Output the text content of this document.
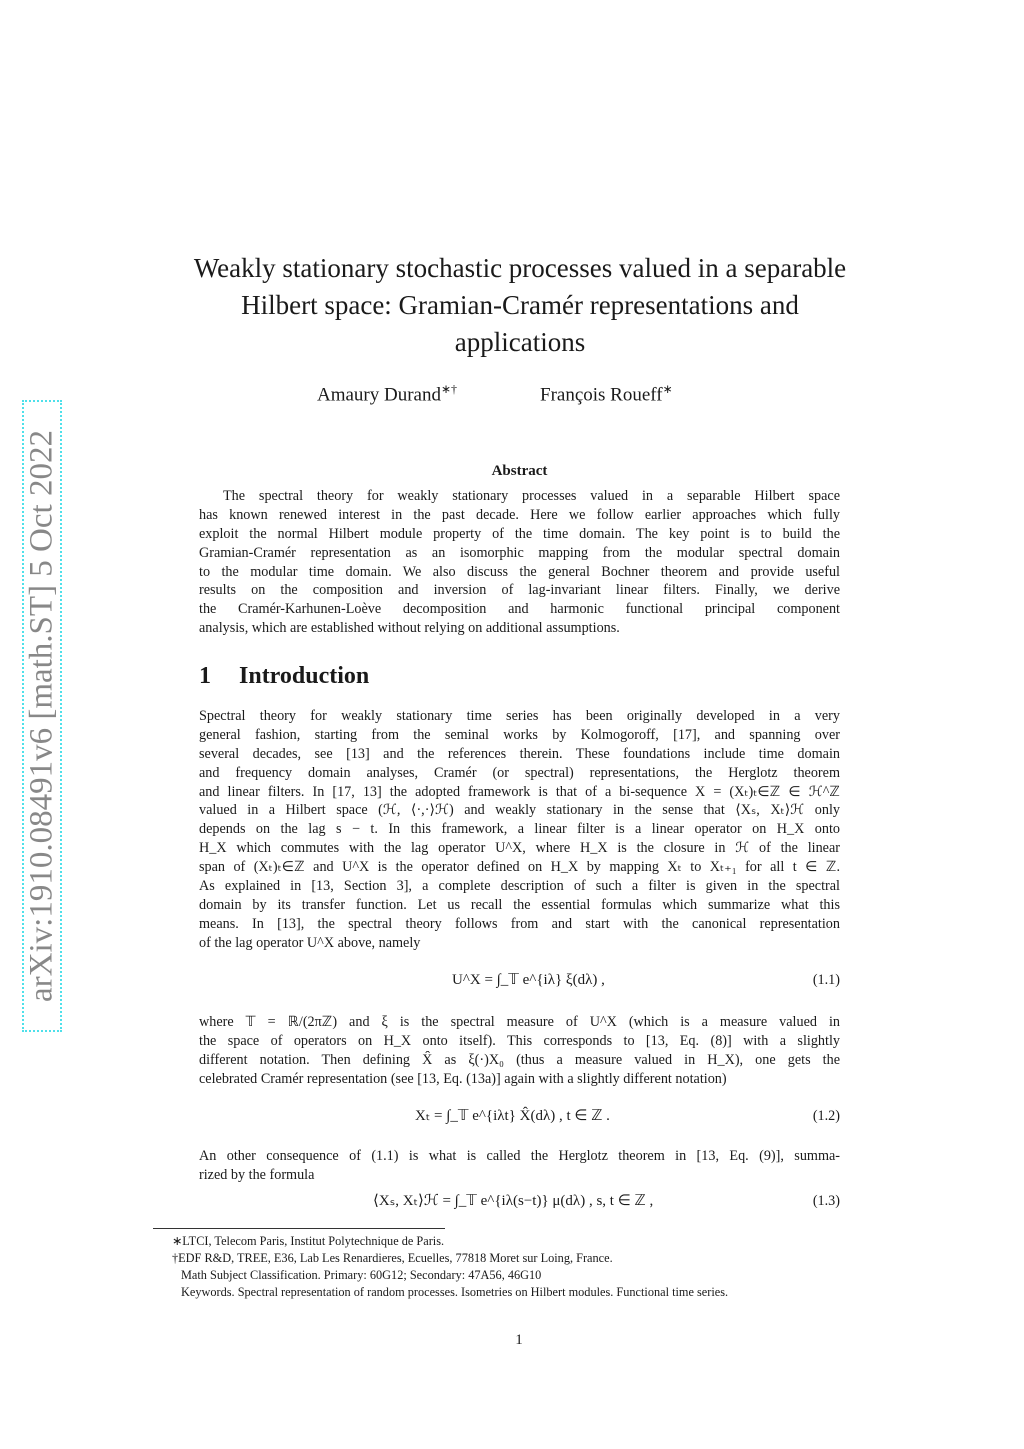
arXiv:1910.08491v6 [math.ST] 5 Oct 2022
Weakly stationary stochastic processes valued in a separable
Hilbert space: Gramian-Cramér representations and
applications
Amaury Durand∗†	François Roueff∗
Abstract
The spectral theory for weakly stationary processes valued in a separable Hilbert space
has known renewed interest in the past decade. Here we follow earlier approaches which fully
exploit the normal Hilbert module property of the time domain. The key point is to build the
Gramian-Cramér representation as an isomorphic mapping from the modular spectral domain
to the modular time domain. We also discuss the general Bochner theorem and provide useful
results on the composition and inversion of lag-invariant linear filters. Finally, we derive
the Cramér-Karhunen-Loève decomposition and harmonic functional principal component
analysis, which are established without relying on additional assumptions.
1 Introduction
Spectral theory for weakly stationary time series has been originally developed in a very
general fashion, starting from the seminal works by Kolmogoroff, [17], and spanning over
several decades, see [13] and the references therein. These foundations include time domain
and frequency domain analyses, Cramér (or spectral) representations, the Herglotz theorem
and linear filters. In [17, 13] the adopted framework is that of a bi-sequence X = (Xₜ)ₜ∈ℤ ∈ ℋ^ℤ
valued in a Hilbert space (ℋ, ⟨·,·⟩ℋ) and weakly stationary in the sense that ⟨Xₛ, Xₜ⟩ℋ only
depends on the lag s − t. In this framework, a linear filter is a linear operator on H_X onto
H_X which commutes with the lag operator U^X, where H_X is the closure in ℋ of the linear
span of (Xₜ)ₜ∈ℤ and U^X is the operator defined on H_X by mapping Xₜ to Xₜ₊₁ for all t ∈ ℤ.
As explained in [13, Section 3], a complete description of such a filter is given in the spectral
domain by its transfer function. Let us recall the essential formulas which summarize what this
means. In [13], the spectral theory follows from and start with the canonical representation
of the lag operator U^X above, namely
U^X = ∫_𝕋 e^{iλ} ξ(dλ) ,	(1.1)
where 𝕋 = ℝ/(2πℤ) and ξ is the spectral measure of U^X (which is a measure valued in
the space of operators on H_X onto itself). This corresponds to [13, Eq. (8)] with a slightly
different notation. Then defining X̂ as ξ(·)X₀ (thus a measure valued in H_X), one gets the
celebrated Cramér representation (see [13, Eq. (13a)] again with a slightly different notation)
Xₜ = ∫_𝕋 e^{iλt} X̂(dλ) , t ∈ ℤ .	(1.2)
An other consequence of (1.1) is what is called the Herglotz theorem in [13, Eq. (9)], summa-
rized by the formula
⟨Xₛ, Xₜ⟩ℋ = ∫_𝕋 e^{iλ(s−t)} μ(dλ) , s, t ∈ ℤ ,	(1.3)
∗LTCI, Telecom Paris, Institut Polytechnique de Paris.
†EDF R&D, TREE, E36, Lab Les Renardieres, Ecuelles, 77818 Moret sur Loing, France.
Math Subject Classification. Primary: 60G12; Secondary: 47A56, 46G10
Keywords. Spectral representation of random processes. Isometries on Hilbert modules. Functional time series.
1
